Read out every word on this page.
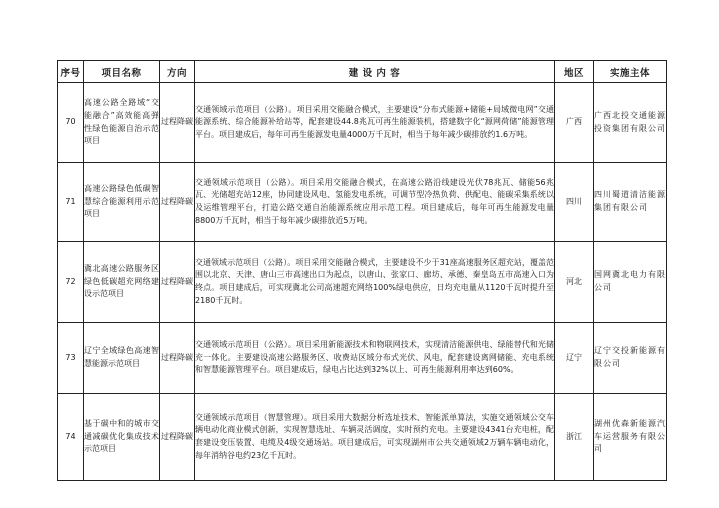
序号	项目名称	方向	建 设 内 容	地区	实施主体
70	高速公路全路域“交能融合”高效能高弹性绿色能源自治示范项目	过程降碳	交通领域示范项目（公路）。项目采用交能融合模式，主要建设“分布式能源+储能+局域微电网”交通能源系统、综合能源补给站等，配套建设44.8兆瓦可再生能源装机，搭建数字化“源网荷储”能源管理平台。项目建成后，每年可再生能源发电量4000万千瓦时，相当于每年减少碳排放约1.6万吨。	广西	广西北投交通能源投资集团有限公司
71	高速公路绿色低碳智慧综合能源利用示范项目	过程降碳	交通领域示范项目（公路）。项目采用交能融合模式，在高速公路沿线建设光伏78兆瓦、储能56兆瓦、光储超充站12座，协同建设风电、氢能发电系统，可调节型冷热负荷、供配电、能碳采集系统以及运维管理平台，打造公路交通自治能源系统应用示范工程。项目建成后，每年可再生能源发电量8800万千瓦时，相当于每年减少碳排放近5万吨。	四川	四川蜀道清洁能源集团有限公司
72	冀北高速公路服务区绿色低碳超充网络建设示范项目	过程降碳	交通领域示范项目（公路）。项目采用交能融合模式，主要建设不少于31座高速服务区超充站，覆盖范围以北京、天津、唐山三市高速出口为起点，以唐山、张家口、廊坊、承德、秦皇岛五市高速入口为终点。项目建成后，可实现冀北公司高速超充网络100%绿电供应，日均充电量从1120千瓦时提升至2180千瓦时。	河北	国网冀北电力有限公司
73	辽宁全域绿色高速智慧能源示范项目	过程降碳	交通领域示范项目（公路）。项目采用新能源技术和物联网技术，实现清洁能源供电、绿能替代和光储充一体化。主要建设高速公路服务区、收费站区域分布式光伏、风电，配套建设离网储能、充电系统和智慧能源管理平台。项目建成后，绿电占比达到32%以上、可再生能源利用率达到60%。	辽宁	辽宁交投新能源有限公司
74	基于碳中和的城市交通减碳优化集成技术示范项目	过程降碳	交通领域示范项目（智慧管理）。项目采用大数据分析选址技术、智能派单算法，实施交通领域公交车辆电动化商业模式创新，实现智慧选址、车辆灵活调度，实时预约充电。主要建设4341台充电桩，配套建设变压装置、电缆及4级交通场站。项目建成后，可实现湖州市公共交通领域2万辆车辆电动化，每年消纳谷电约23亿千瓦时。	浙江	湖州优森新能源汽车运营服务有限公司
